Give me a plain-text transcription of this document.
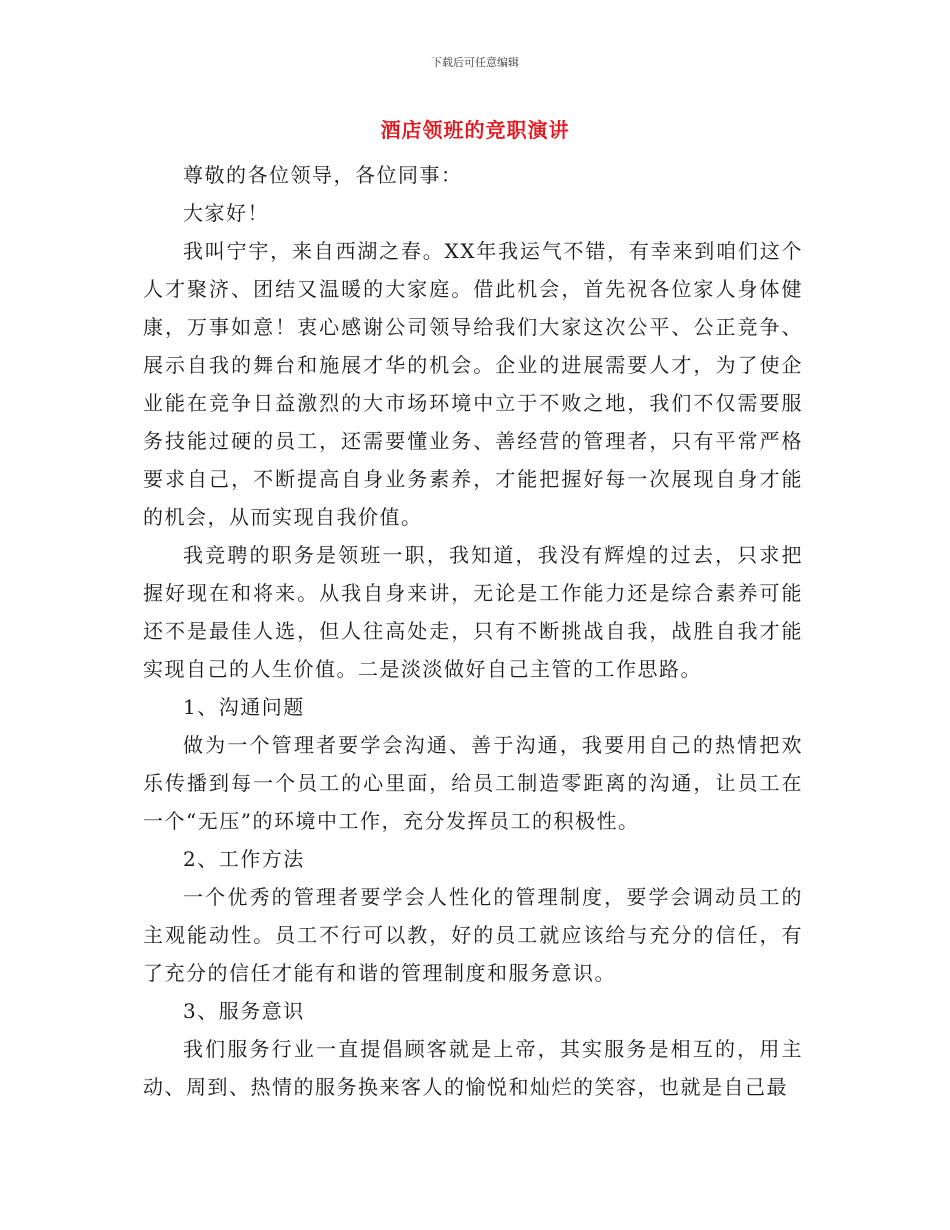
下载后可任意编辑
酒店领班的竞职演讲

尊敬的各位领导，各位同事：

大家好！

我叫宁宇，来自西湖之春。XX年我运气不错，有幸来到咱们这个人才聚济、团结又温暖的大家庭。借此机会，首先祝各位家人身体健康，万事如意！衷心感谢公司领导给我们大家这次公平、公正竞争、展示自我的舞台和施展才华的机会。企业的进展需要人才，为了使企业能在竞争日益激烈的大市场环境中立于不败之地，我们不仅需要服务技能过硬的员工，还需要懂业务、善经营的管理者，只有平常严格要求自己，不断提高自身业务素养，才能把握好每一次展现自身才能的机会，从而实现自我价值。

我竞聘的职务是领班一职，我知道，我没有辉煌的过去，只求把握好现在和将来。从我自身来讲，无论是工作能力还是综合素养可能还不是最佳人选，但人往高处走，只有不断挑战自我，战胜自我才能实现自己的人生价值。二是淡淡做好自己主管的工作思路。

1、沟通问题

做为一个管理者要学会沟通、善于沟通，我要用自己的热情把欢乐传播到每一个员工的心里面，给员工制造零距离的沟通，让员工在一个“无压”的环境中工作，充分发挥员工的积极性。

2、工作方法

一个优秀的管理者要学会人性化的管理制度，要学会调动员工的主观能动性。员工不行可以教，好的员工就应该给与充分的信任，有了充分的信任才能有和谐的管理制度和服务意识。

3、服务意识

我们服务行业一直提倡顾客就是上帝，其实服务是相互的，用主动、周到、热情的服务换来客人的愉悦和灿烂的笑容，也就是自己最
